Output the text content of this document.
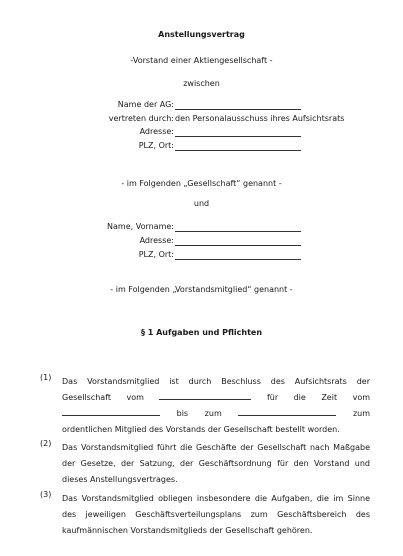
Anstellungsvertrag
-Vorstand einer Aktiengesellschaft -
zwischen
Name der AG:
vertreten durch: den Personalausschuss ihres Aufsichtsrats
Adresse:
PLZ, Ort:
- im Folgenden „Gesellschaft“ genannt -
und
Name, Vorname:
Adresse:
PLZ, Ort:
- im Folgenden „Vorstandsmitglied“ genannt -
§ 1 Aufgaben und Pflichten
(1) Das Vorstandsmitglied ist durch Beschluss des Aufsichtsrats der
Gesellschaft vom	für die Zeit vom
bis zum	zum
ordentlichen Mitglied des Vorstands der Gesellschaft bestellt worden.
(2) Das Vorstandsmitglied führt die Geschäfte der Gesellschaft nach Maßgabe
der Gesetze, der Satzung, der Geschäftsordnung für den Vorstand und
dieses Anstellungsvertrages.
(3) Das Vorstandsmitglied obliegen insbesondere die Aufgaben, die im Sinne
des jeweiligen Geschäftsverteilungsplans zum Geschäftsbereich des
kaufmännischen Vorstandsmitglieds der Gesellschaft gehören.
